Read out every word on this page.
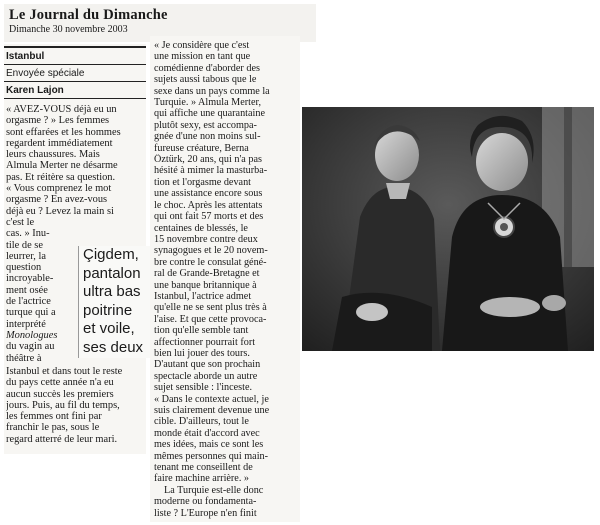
Le Journal du Dimanche
Dimanche 30 novembre 2003
Istanbul
Envoyée spéciale
Karen Lajon
« AVEZ-VOUS déjà eu un
orgasme ? » Les femmes
sont effarées et les hommes
regardent immédiatement
leurs chaussures. Mais
Almula Merter ne désarme
pas. Et réitère sa question.
« Vous comprenez le mot
orgasme ? En avez-vous
déjà eu ? Levez la main si
c'est le
cas. » Inu-
tile de se
leurrer, la
question
incroyable-
ment osée
de l'actrice
turque qui a
interprété
Monologues
du vagin au
théâtre à
Çigdem,
pantalon
ultra bas
poitrine
et voile,
ses deux
Istanbul et dans tout le reste
du pays cette année n'a eu
aucun succès les premiers
jours. Puis, au fil du temps,
les femmes ont fini par
franchir le pas, sous le
regard atterré de leur mari.
« Je considère que c'est
une mission en tant que
comédienne d'aborder des
sujets aussi tabous que le
sexe dans un pays comme la
Turquie. » Almula Merter,
qui affiche une quarantaine
plutôt sexy, est accompa-
gnée d'une non moins sul-
fureuse créature, Berna
Öztürk, 20 ans, qui n'a pas
hésité à mimer la masturba-
tion et l'orgasme devant
une assistance encore sous
le choc. Après les attentats
qui ont fait 57 morts et des
centaines de blessés, le
15 novembre contre deux
synagogues et le 20 novem-
bre contre le consulat géné-
ral de Grande-Bretagne et
une banque britannique à
Istanbul, l'actrice admet
qu'elle ne se sent plus très à
l'aise. Et que cette provoca-
tion qu'elle semble tant
affectionner pourrait fort
bien lui jouer des tours.
D'autant que son prochain
spectacle aborde un autre
sujet sensible : l'inceste.
« Dans le contexte actuel, je
suis clairement devenue une
cible. D'ailleurs, tout le
monde était d'accord avec
mes idées, mais ce sont les
mêmes personnes qui main-
tenant me conseillent de
faire machine arrière. »
La Turquie est-elle donc
moderne ou fondamenta-
liste ? L'Europe n'en finit
